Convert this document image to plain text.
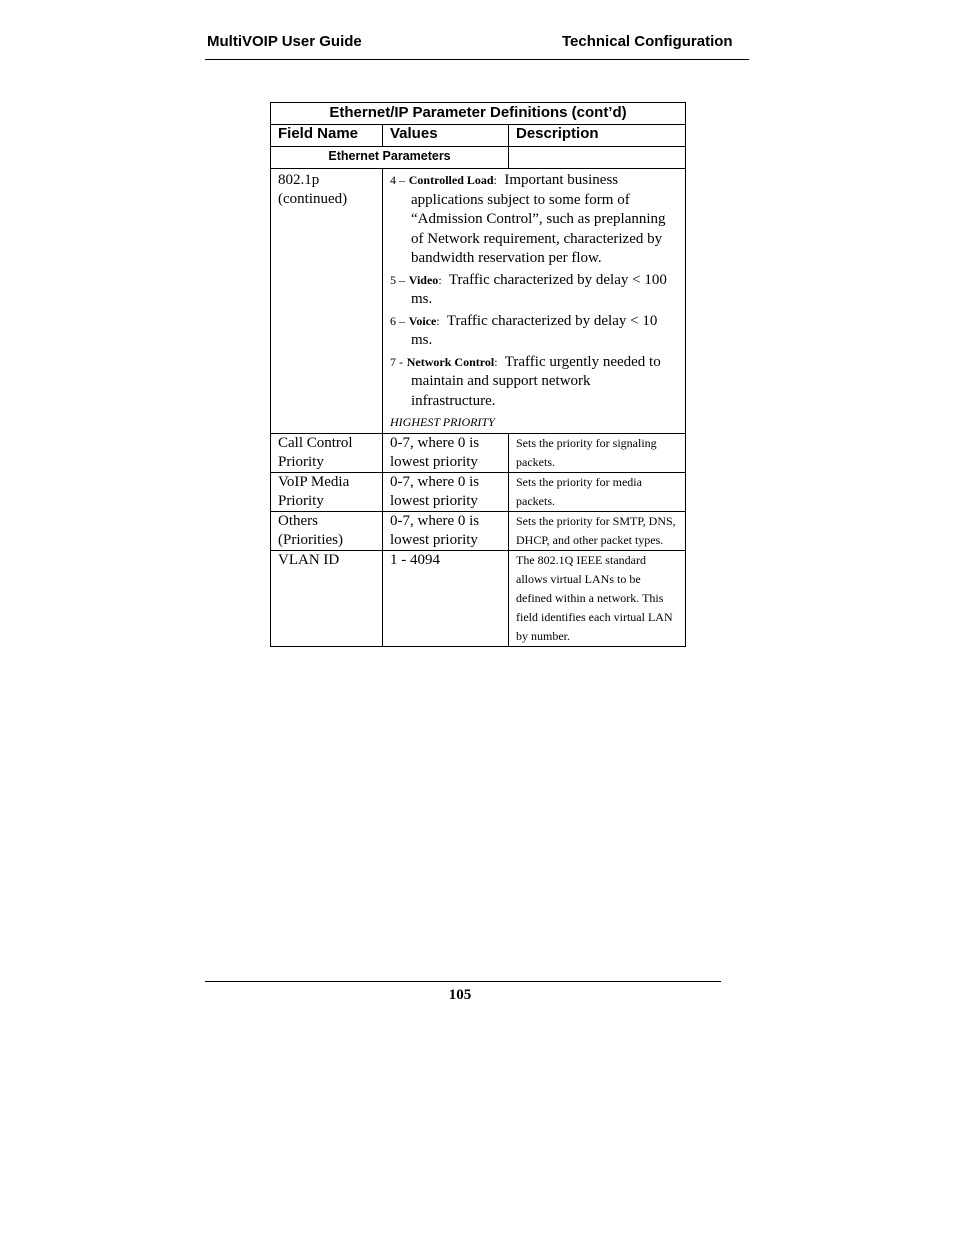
MultiVOIP User Guide	Technical Configuration
Ethernet/IP Parameter Definitions (cont’d)		
Field Name	Values	Description
Ethernet Parameters		
802.1p (continued)	4 – Controlled Load: Important business applications subject to some form of “Admission Control”, such as preplanning of Network requirement, characterized by bandwidth reservation per flow.
5 – Video: Traffic characterized by delay < 100 ms.
6 – Voice: Traffic characterized by delay < 10 ms.
7 - Network Control: Traffic urgently needed to maintain and support network infrastructure.
HIGHEST PRIORITY	

Call Control Priority	0-7, where 0 is lowest priority	Sets the priority for signaling packets.
VoIP Media Priority	0-7, where 0 is lowest priority	Sets the priority for media packets.
Others (Priorities)	0-7, where 0 is lowest priority	Sets the priority for SMTP, DNS, DHCP, and other packet types.
VLAN ID	1 - 4094	The 802.1Q IEEE standard allows virtual LANs to be defined within a network. This field identifies each virtual LAN by number.
105
